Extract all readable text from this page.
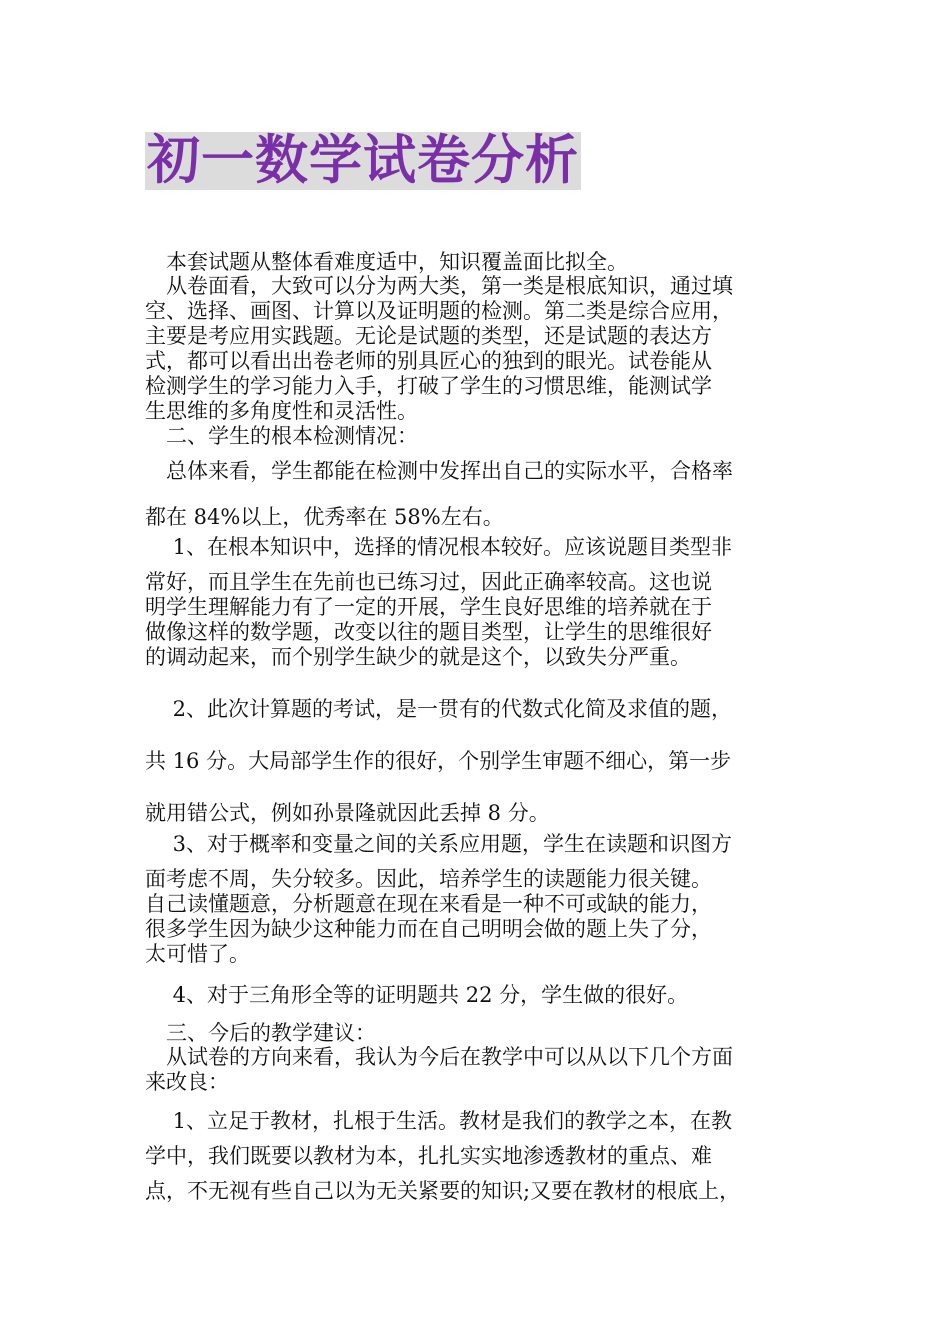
初一数学试卷分析
　本套试题从整体看难度适中，知识覆盖面比拟全。
　从卷面看，大致可以分为两大类，第一类是根底知识，通过填
空、选择、画图、计算以及证明题的检测。第二类是综合应用，
主要是考应用实践题。无论是试题的类型，还是试题的表达方
式，都可以看出出卷老师的别具匠心的独到的眼光。试卷能从
检测学生的学习能力入手，打破了学生的习惯思维，能测试学
生思维的多角度性和灵活性。
　二、学生的根本检测情况：
　总体来看，学生都能在检测中发挥出自己的实际水平，合格率
都在 84%以上，优秀率在 58%左右。
　 1、在根本知识中，选择的情况根本较好。应该说题目类型非
常好，而且学生在先前也已练习过，因此正确率较高。这也说
明学生理解能力有了一定的开展，学生良好思维的培养就在于
做像这样的数学题，改变以往的题目类型，让学生的思维很好
的调动起来，而个别学生缺少的就是这个，以致失分严重。
　 2、此次计算题的考试，是一贯有的代数式化简及求值的题，
共 16 分。大局部学生作的很好，个别学生审题不细心，第一步
就用错公式，例如孙景隆就因此丢掉 8 分。
　 3、对于概率和变量之间的关系应用题，学生在读题和识图方
面考虑不周，失分较多。因此，培养学生的读题能力很关键。
自己读懂题意，分析题意在现在来看是一种不可或缺的能力，
很多学生因为缺少这种能力而在自己明明会做的题上失了分，
太可惜了。
　 4、对于三角形全等的证明题共 22 分，学生做的很好。
　三、今后的教学建议：
　从试卷的方向来看，我认为今后在教学中可以从以下几个方面
来改良：
　 1、立足于教材，扎根于生活。教材是我们的教学之本，在教
学中，我们既要以教材为本，扎扎实实地渗透教材的重点、难
点，不无视有些自己以为无关紧要的知识;又要在教材的根底上，
